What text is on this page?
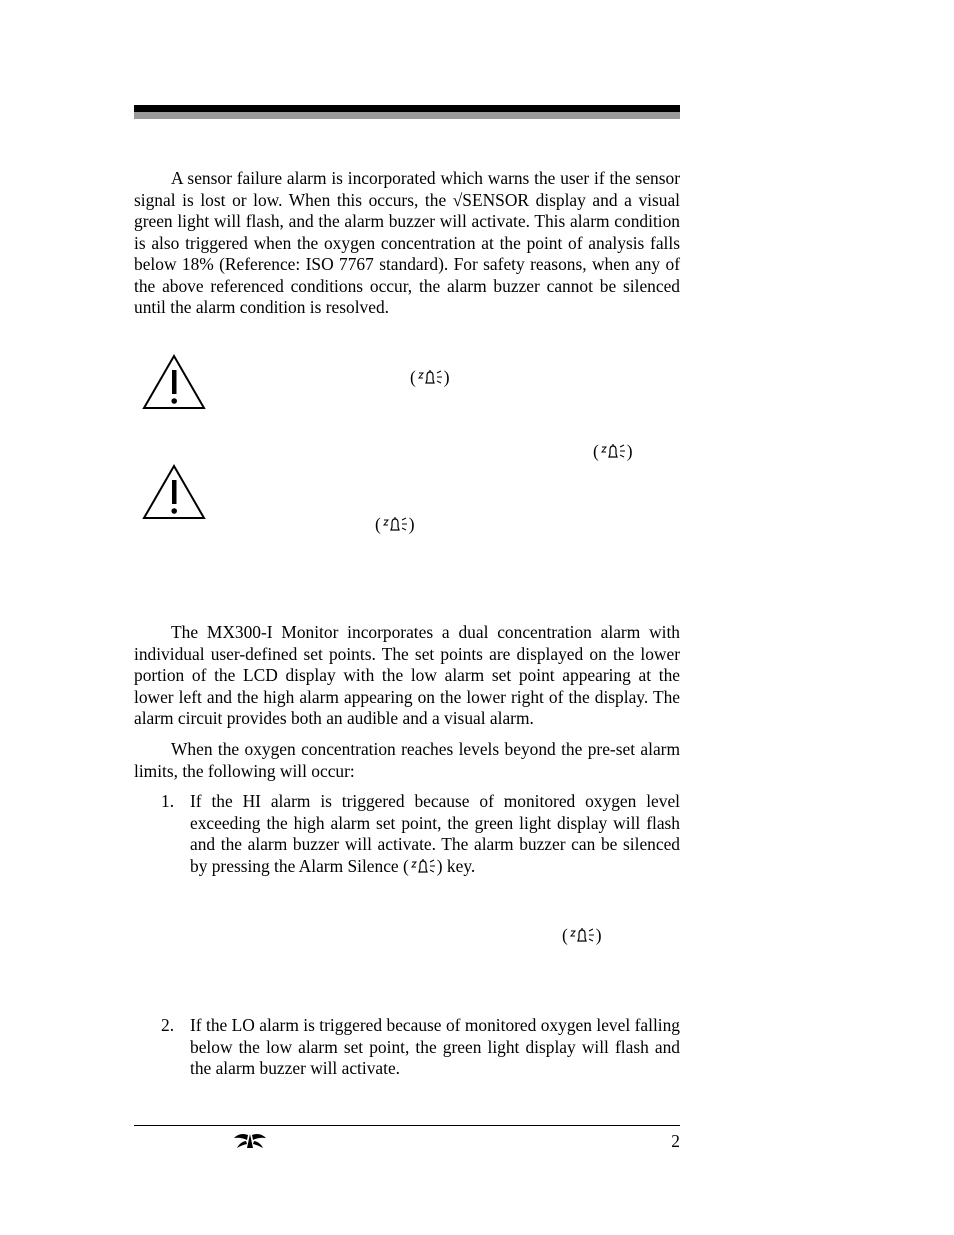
A sensor failure alarm is incorporated which warns the user if the sensor signal is lost or low. When this occurs, the √SENSOR display and a visual green light will flash, and the alarm buzzer will activate. This alarm condition is also triggered when the oxygen concentration at the point of analysis falls below 18% (Reference: ISO 7767 standard). For safety reasons, when any of the above referenced conditions occur, the alarm buzzer cannot be silenced until the alarm condition is resolved.

( )
( )
( )

The MX300-I Monitor incorporates a dual concentration alarm with individual user-defined set points. The set points are displayed on the lower portion of the LCD display with the low alarm set point appearing at the lower left and the high alarm appearing on the lower right of the display. The alarm circuit provides both an audible and a visual alarm.

When the oxygen concentration reaches levels beyond the pre-set alarm limits, the following will occur:

1. If the HI alarm is triggered because of monitored oxygen level exceeding the high alarm set point, the green light display will flash and the alarm buzzer will activate. The alarm buzzer can be silenced by pressing the Alarm Silence ( ) key.
( )
2. If the LO alarm is triggered because of monitored oxygen level falling below the low alarm set point, the green light display will flash and the alarm buzzer will activate.
2
